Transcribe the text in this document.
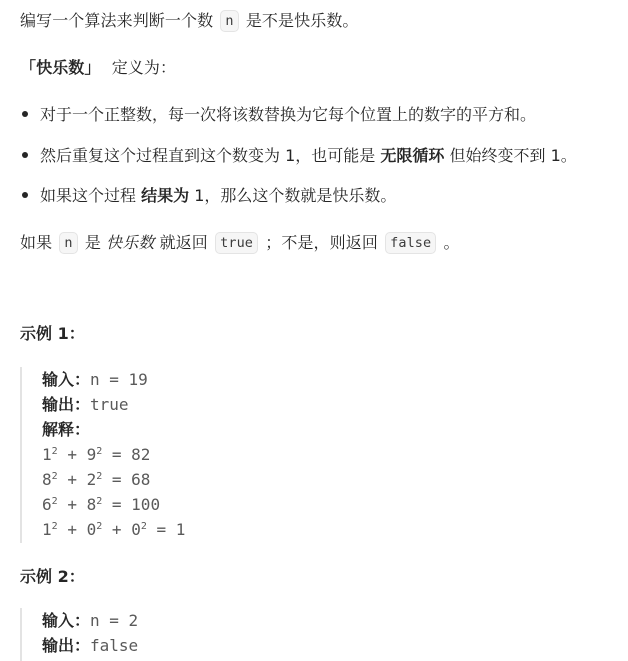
编写一个算法来判断一个数 n 是不是快乐数。
「快乐数」 定义为：
对于一个正整数，每一次将该数替换为它每个位置上的数字的平方和。
然后重复这个过程直到这个数变为 1，也可能是 无限循环 但始终变不到 1。
如果这个过程 结果为 1，那么这个数就是快乐数。
如果 n 是 快乐数 就返回 true ；不是，则返回 false 。
示例 1：
输入：n = 19
输出：true
解释：
$1^2 + 9^2 = 82$
$8^2 + 2^2 = 68$
$6^2 + 8^2 = 100$
$1^2 + 0^2 + 0^2 = 1$
示例 2：
输入：n = 2
输出：false
